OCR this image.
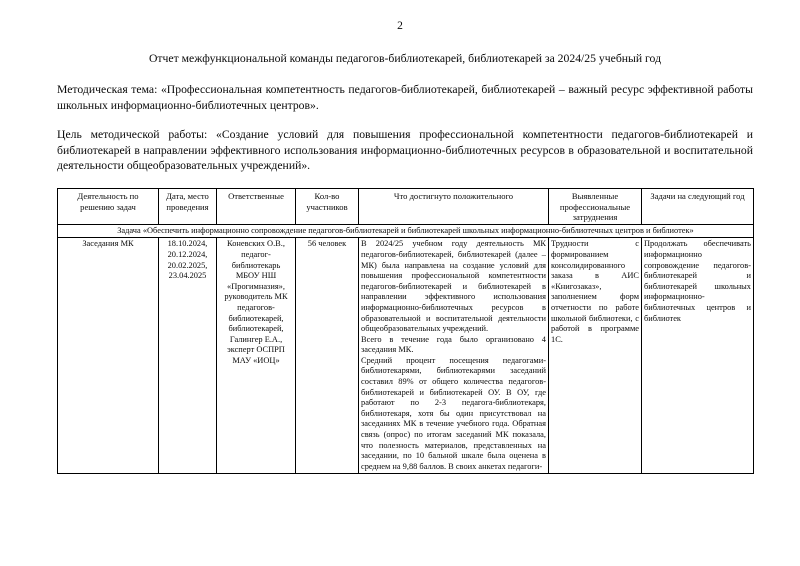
2
Отчет межфункциональной команды педагогов-библиотекарей, библиотекарей за 2024/25 учебный год

Методическая тема: «Профессиональная компетентность педагогов-библиотекарей, библиотекарей – важный ресурс эффективной работы школьных информационно-библиотечных центров».

Цель методической работы: «Создание условий для повышения профессиональной компетентности педагогов-библиотекарей и библиотекарей в направлении эффективного использования информационно-библиотечных ресурсов в образовательной и воспитательной деятельности общеобразовательных учреждений».

Деятельность по решению задач	Дата, место проведения	Ответственные	Кол-во участников	Что достигнуто положительного	Выявленные профессиональные затруднения	Задачи на следующий год
Задача «Обеспечить информационно сопровождение педагогов-библиотекарей и библиотекарей школьных информационно-библиотечных центров и библиотек»						
Заседания МК	18.10.2024, 20.12.2024, 20.02.2025, 23.04.2025	Коневских О.В., педагог-библиотекарь МБОУ НШ «Прогимназия», руководитель МК педагогов-библиотекарей, библиотекарей, Галингер Е.А., эксперт ОСПРП МАУ «ИОЦ»	56 человек	В 2024/25 учебном году деятельность МК педагогов-библиотекарей, библиотекарей (далее – МК) была направлена на создание условий для повышения профессиональной компетентности педагогов-библиотекарей и библиотекарей в направлении эффективного использования информационно-библиотечных ресурсов в образовательной и воспитательной деятельности общеобразовательных учреждений.

Всего в течение года было организовано 4 заседания МК.

Средний процент посещения педагогами-библиотекарями, библиотекарями заседаний составил 89% от общего количества педагогов-библиотекарей и библиотекарей ОУ. В ОУ, где работают по 2-3 педагога-библиотекаря, библиотекаря, хотя бы один присутствовал на заседаниях МК в течение учебного года. Обратная связь (опрос) по итогам заседаний МК показала, что полезность материалов, представленных на заседании, по 10 бальной шкале была оценена в среднем на 9,88 баллов. В своих анкетах педагоги-	Трудности с формированием консолидированного заказа в АИС «Книгозаказ», заполнением форм отчетности по работе школьной библиотеки, с работой в программе 1С.	Продолжать обеспечивать информационно сопровождение педагогов-библиотекарей и библиотекарей школьных информационно-библиотечных центров и библиотек
